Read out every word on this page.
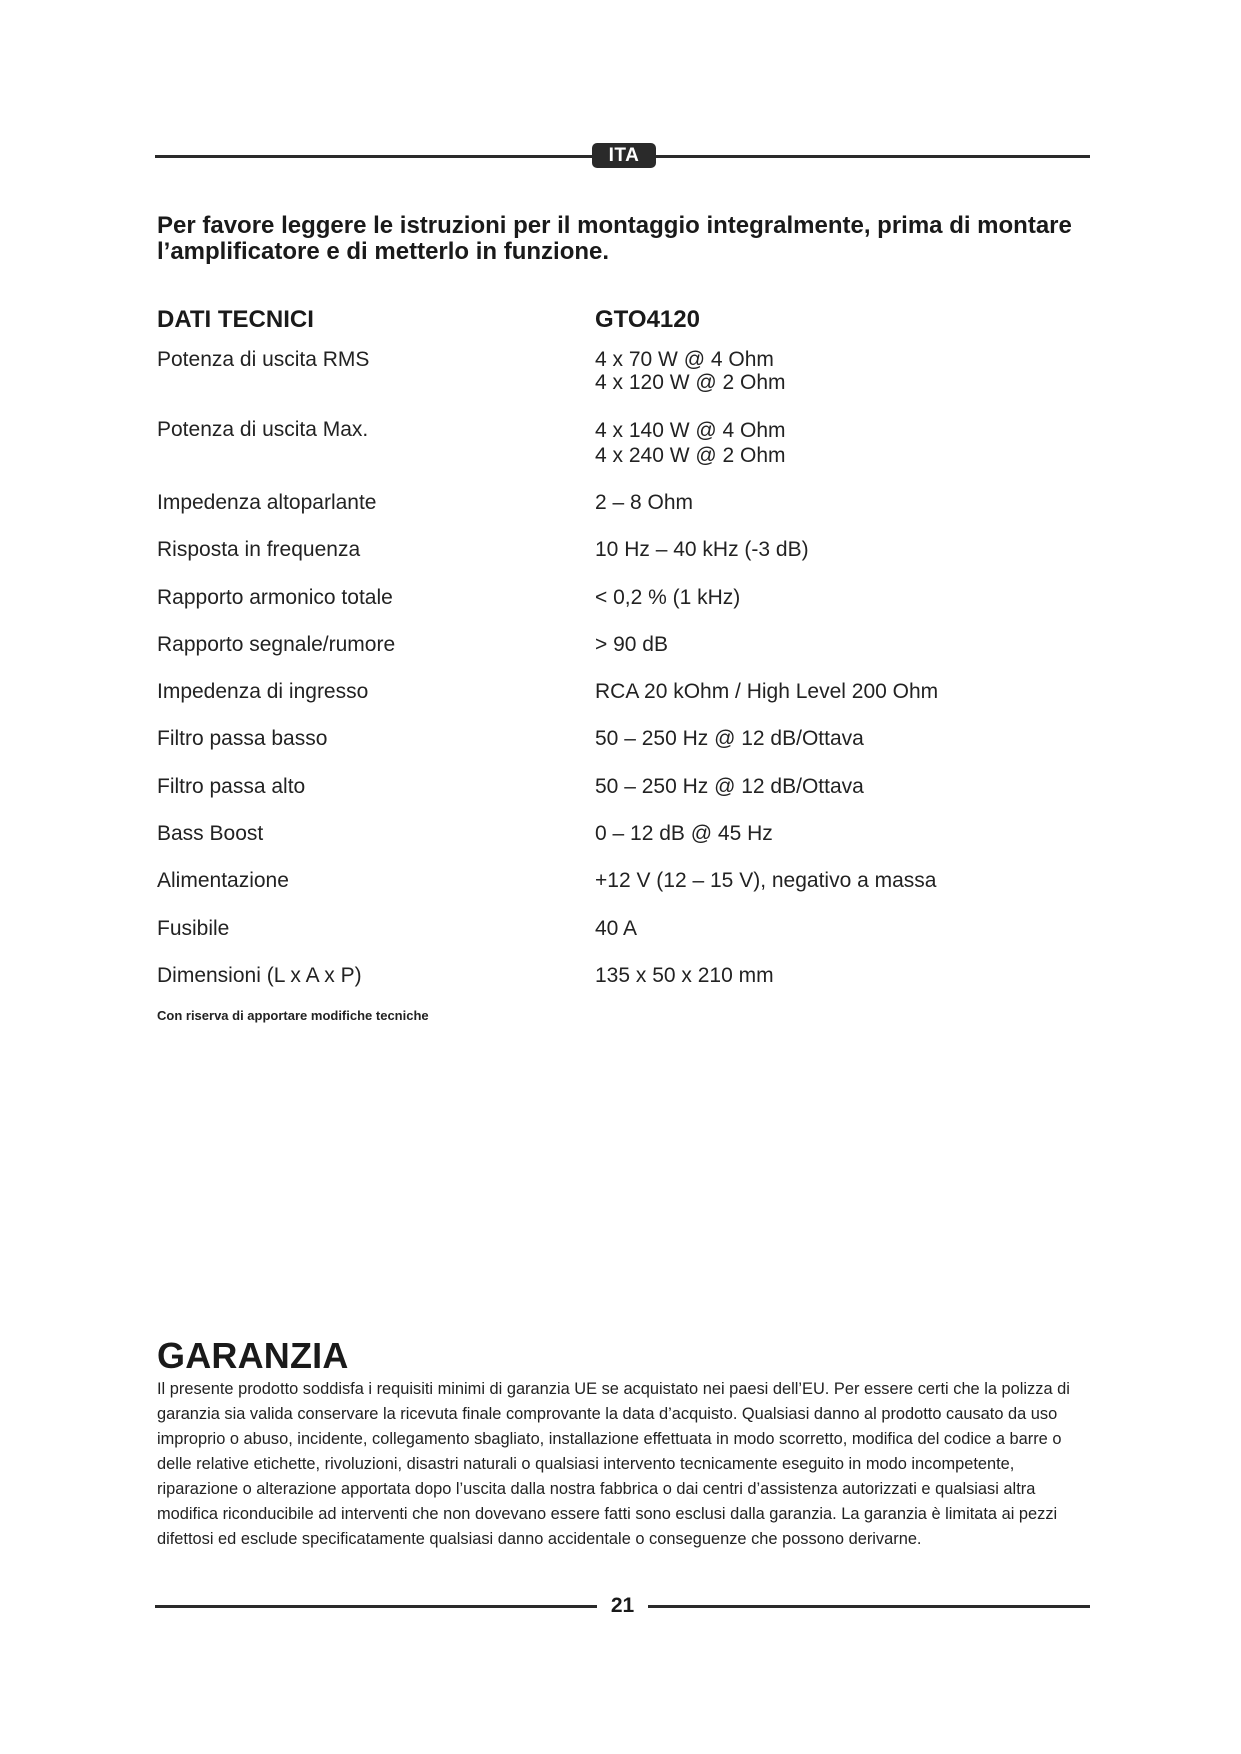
ITA
Per favore leggere le istruzioni per il montaggio integralmente, prima di montare l’amplificatore e di metterlo in funzione.
DATI TECNICI	GTO4120
Potenza di uscita RMS	4 x 70 W @ 4 Ohm
4 x 120 W @ 2 Ohm
Potenza di uscita Max.	4 x 140 W @ 4 Ohm
4 x 240 W @ 2 Ohm
Impedenza altoparlante	2 – 8 Ohm
Risposta in frequenza	10 Hz – 40 kHz (-3 dB)
Rapporto armonico totale	< 0,2 % (1 kHz)
Rapporto segnale/rumore	> 90 dB
Impedenza di ingresso	RCA 20 kOhm / High Level 200 Ohm
Filtro passa basso	50 – 250 Hz @ 12 dB/Ottava
Filtro passa alto	50 – 250 Hz @ 12 dB/Ottava
Bass Boost	0 – 12 dB @ 45 Hz
Alimentazione	+12 V (12 – 15 V), negativo a massa
Fusibile	40 A
Dimensioni (L x A x P)	135 x 50 x 210 mm
Con riserva di apportare modifiche tecniche
GARANZIA
Il presente prodotto soddisfa i requisiti minimi di garanzia UE se acquistato nei paesi dell’EU. Per essere certi che la polizza di garanzia sia valida conservare la ricevuta finale comprovante la data d’acquisto. Qualsiasi danno al prodotto causato da uso improprio o abuso, incidente, collegamento sbagliato, installazione effettuata in modo scorretto, modifica del codice a barre o delle relative etichette, rivoluzioni, disastri naturali o qualsiasi intervento tecnicamente eseguito in modo incompetente, riparazione o alterazione apportata dopo l’uscita dalla nostra fabbrica o dai centri d’assistenza autorizzati e qualsiasi altra modifica riconducibile ad interventi che non dovevano essere fatti sono esclusi dalla garanzia. La garanzia è limitata ai pezzi difettosi ed esclude specificatamente qualsiasi danno accidentale o conseguenze che possono derivarne.
21
